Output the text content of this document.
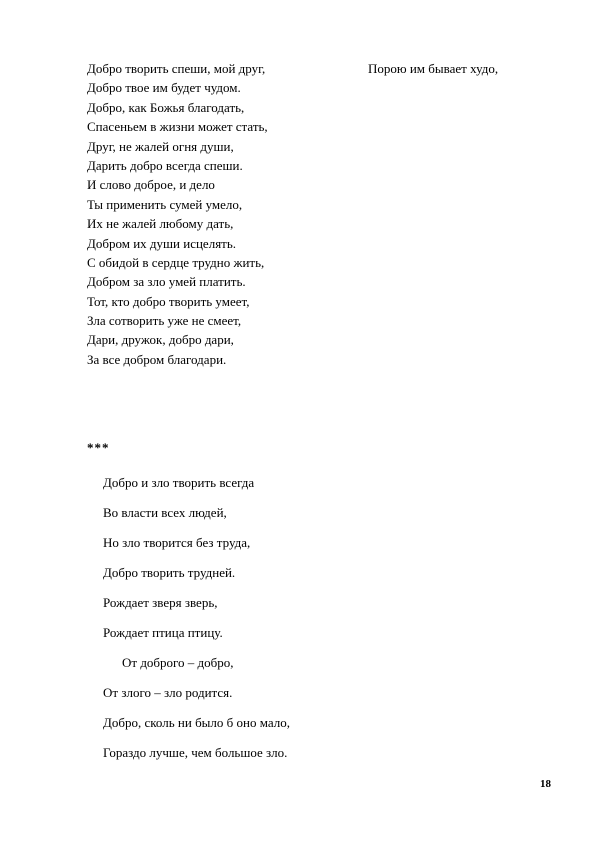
Добро творить спеши, мой друг,
Добро твое им будет чудом.
Добро, как Божья благодать,
Спасеньем в жизни может стать,
Друг, не жалей огня души,
Дарить добро всегда спеши.
И слово доброе, и дело
Ты применить сумей умело,
Их не жалей любому дать,
Добром их души исцелять.
С обидой в сердце трудно жить,
Добром за зло умей платить.
Тот, кто добро творить умеет,
Зла сотворить уже не смеет,
Дари, дружок, добро дари,
За все добром благодари.
Порою им бывает худо,
***
Добро и зло творить всегда
Во власти всех людей,
Но зло творится без труда,
Добро творить трудней.
Рождает зверя зверь,
Рождает птица птицу.
От доброго – добро,
От злого – зло родится.
Добро, сколь ни было б оно мало,
Гораздо лучше, чем большое зло.
18
